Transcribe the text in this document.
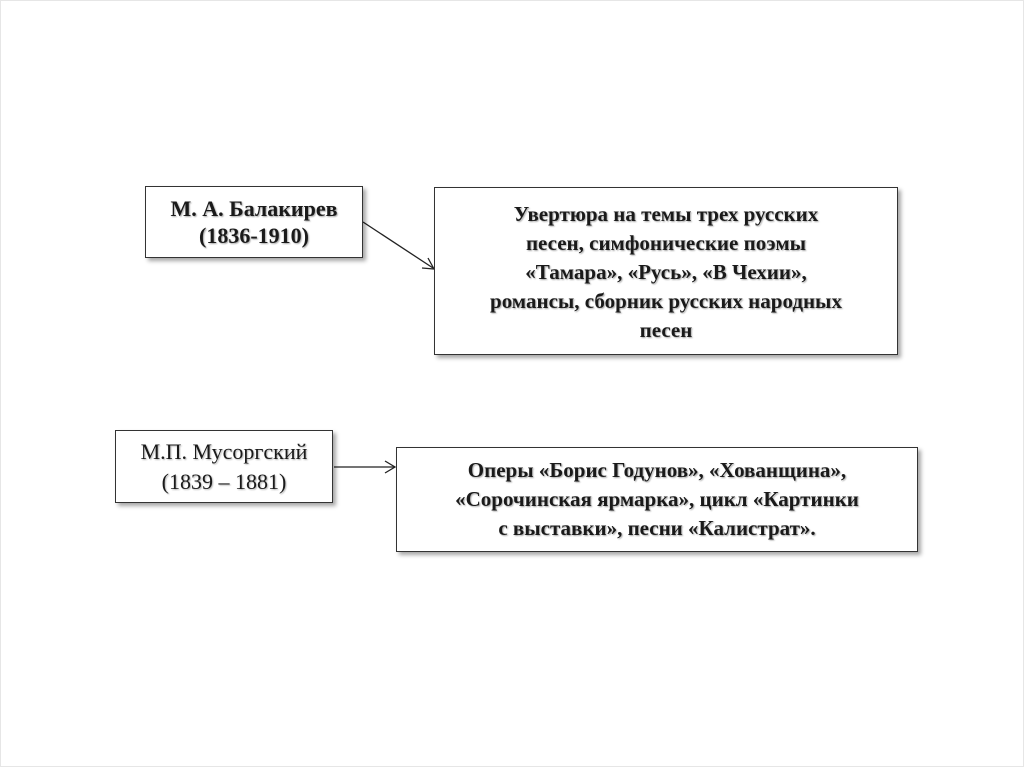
М. А. Балакирев
(1836-1910)
Увертюра на темы трех русских
песен, симфонические поэмы
«Тамара», «Русь», «В Чехии»,
романсы, сборник русских народных
песен
М.П. Мусоргский
(1839 – 1881)	Оперы «Борис Годунов», «Хованщина»,
«Сорочинская ярмарка», цикл «Картинки
с выставки», песни «Калистрат».
